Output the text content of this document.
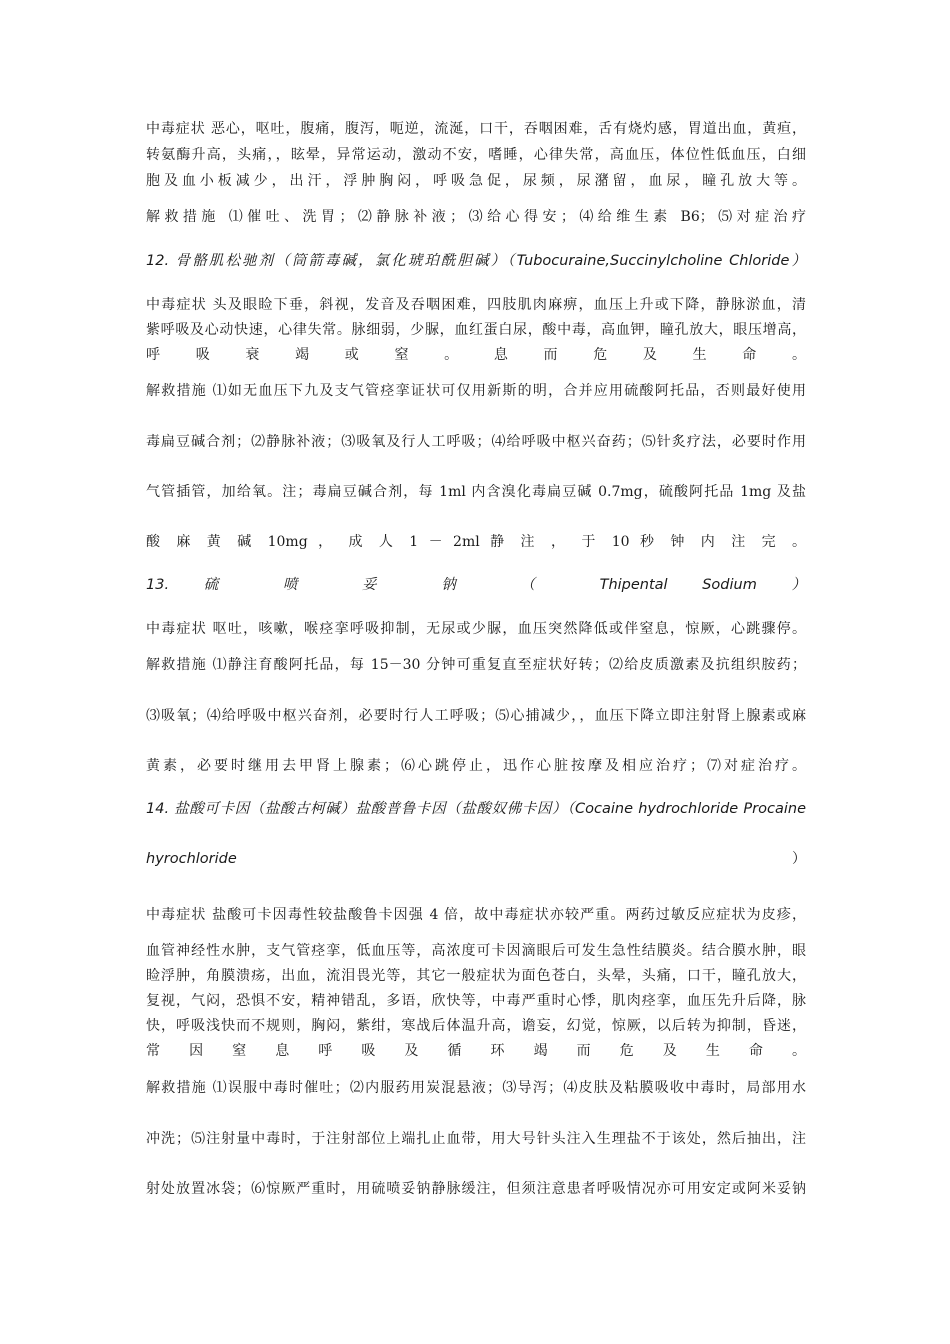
中毒症状 恶心，呕吐，腹痛，腹泻，呃逆，流涎，口干，吞咽困难，舌有烧灼感，胃道出血，黄疸，
转氨酶升高，头痛，，眩晕，异常运动，激动不安，嗜睡，心律失常，高血压，体位性低血压，白细
胞及血小板减少，出汗，浮肿胸闷，呼吸急促，尿频，尿潴留，血尿，瞳孔放大等。
解救措施 ⑴催吐、洗胃；⑵静脉补液；⑶给心得安；⑷给维生素 B6；⑸对症治疗
12. 骨骼肌松驰剂（筒箭毒碱，氯化琥珀酰胆碱）（Tubocuraine,Succinylcholine Chloride）
中毒症状 头及眼睑下垂，斜视，发音及吞咽困难，四肢肌肉麻痹，血压上升或下降，静脉淤血，清
紫呼吸及心动快速，心律失常。脉细弱，少脲，血红蛋白尿，酸中毒，高血钾，瞳孔放大，眼压增高，
呼 吸 衰 竭 或 窒 。 息 而 危 及 生 命 。
解救措施 ⑴如无血压下九及支气管痉挛证状可仅用新斯的明，合并应用硫酸阿托品，否则最好使用
毒扁豆碱合剂；⑵静脉补液；⑶吸氧及行人工呼吸；⑷给呼吸中枢兴奋药；⑸针炙疗法，必要时作用
气管插管，加给氧。注；毒扁豆碱合剂，每 1ml 内含溴化毒扁豆碱 0.7mg，硫酸阿托品 1mg 及盐
酸 麻 黄 碱 10mg ， 成 人 1 － 2ml 静 注 ， 于 10 秒 钟 内 注 完 。
13. 硫 喷 妥 钠 （ Thipental Sodium ）
中毒症状 呕吐，咳嗽，喉痉挛呼吸抑制，无尿或少脲，血压突然降低或伴窒息，惊厥，心跳骤停。
解救措施 ⑴静注育酸阿托品，每 15－30 分钟可重复直至症状好转；⑵给皮质激素及抗组织胺药；
⑶吸氧；⑷给呼吸中枢兴奋剂，必要时行人工呼吸；⑸心捕减少，，血压下降立即注射肾上腺素或麻
黄素，必要时继用去甲肾上腺素；⑹心跳停止，迅作心脏按摩及相应治疗；⑺对症治疗。
14. 盐酸可卡因（盐酸古柯碱）盐酸普鲁卡因（盐酸奴佛卡因）（Cocaine hydrochloride Procaine
hyrochloride	）
中毒症状 盐酸可卡因毒性较盐酸鲁卡因强 4 倍，故中毒症状亦较严重。两药过敏反应症状为皮疹，
血管神经性水肿，支气管痉挛，低血压等，高浓度可卡因滴眼后可发生急性结膜炎。结合膜水肿，眼
睑浮肿，角膜溃疡，出血，流泪畏光等，其它一般症状为面色苍白，头晕，头痛，口干，瞳孔放大，
复视，气闷，恐惧不安，精神错乱，多语，欣快等，中毒严重时心悸，肌肉痉挛，血压先升后降，脉
快，呼吸浅快而不规则，胸闷，紫绀，寒战后体温升高，谵妄，幻觉，惊厥，以后转为抑制，昏迷，
常 因 窒 息 呼 吸 及 循 环 竭 而 危 及 生 命 。
解救措施 ⑴误服中毒时催吐；⑵内服药用炭混悬液；⑶导泻；⑷皮肤及粘膜吸收中毒时，局部用水
冲洗；⑸注射量中毒时，于注射部位上端扎止血带，用大号针头注入生理盐不于该处，然后抽出，注
射处放置冰袋；⑹惊厥严重时，用硫喷妥钠静脉缓注，但须注意患者呼吸情况亦可用安定或阿米妥钠
